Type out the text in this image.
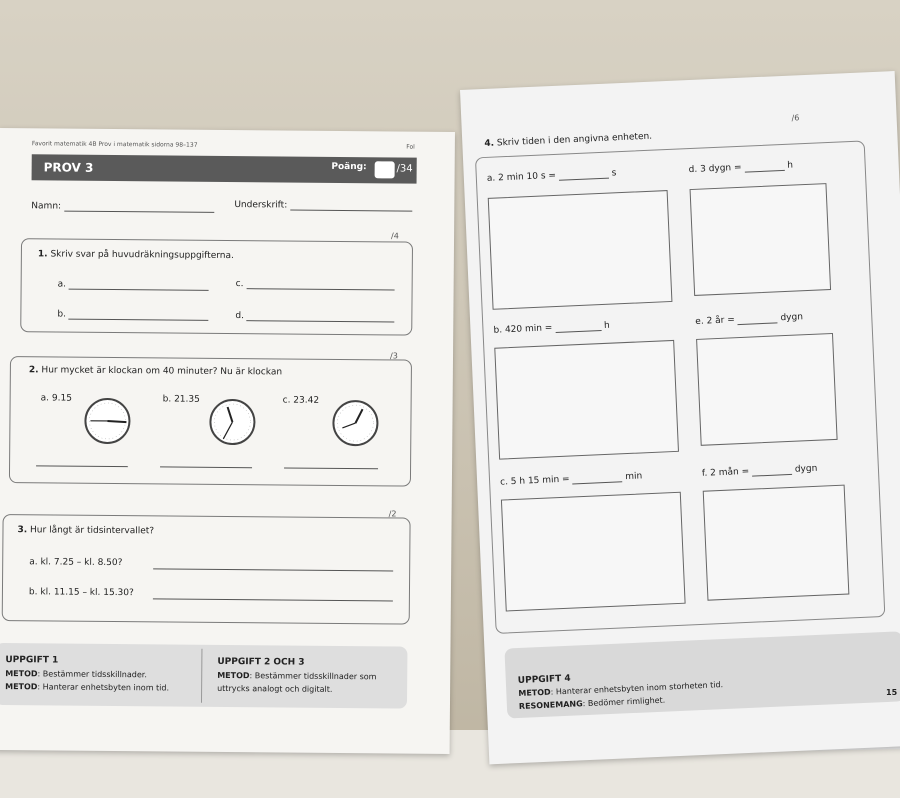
Favorit matematik 4B Prov i matematik sidorna 98–137	Fol
PROV 3	Poäng:	/34
Namn:	Underskrift:
/4
1. Skriv svar på huvudräkningsuppgifterna.
a.	c.
b.	d.
/3
2. Hur mycket är klockan om 40 minuter? Nu är klockan
a. 9.15	b. 21.35	c. 23.42
/2
3. Hur långt är tidsintervallet?
a. kl. 7.25 – kl. 8.50?
b. kl. 11.15 – kl. 15.30?
UPPGIFT 1
METOD: Bestämmer tidsskillnader.
METOD: Hanterar enhetsbyten inom tid.
UPPGIFT 2 OCH 3
METOD: Bestämmer tidsskillnader som
uttrycks analogt och digitalt.
4. Skriv tiden i den angivna enheten.
/6
a. 2 min 10 s =	s	d. 3 dygn =	h
b. 420 min =	h	e. 2 år =	dygn
c. 5 h 15 min =	min	f. 2 mån =	dygn
UPPGIFT 4
METOD: Hanterar enhetsbyten inom storheten tid.
RESONEMANG: Bedömer rimlighet.
15
